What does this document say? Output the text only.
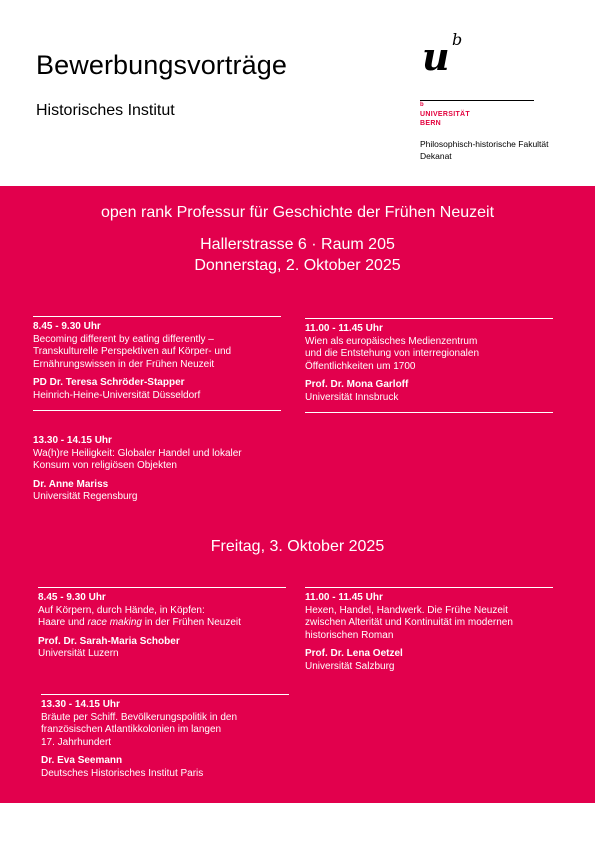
Bewerbungsvorträge
Historisches Institut
u b
b
UNIVERSITÄT
BERN
Philosophisch-historische Fakultät
Dekanat
open rank Professur für Geschichte der Frühen Neuzeit
Hallerstrasse 6 · Raum 205
Donnerstag, 2. Oktober 2025
8.45 - 9.30 Uhr
Becoming different by eating differently –
Transkulturelle Perspektiven auf Körper- und
Ernährungswissen in der Frühen Neuzeit
PD Dr. Teresa Schröder-Stapper
Heinrich-Heine-Universität Düsseldorf
11.00 - 11.45 Uhr
Wien als europäisches Medienzentrum
und die Entstehung von interregionalen
Öffentlichkeiten um 1700
Prof. Dr. Mona Garloff
Universität Innsbruck
13.30 - 14.15 Uhr
Wa(h)re Heiligkeit: Globaler Handel und lokaler
Konsum von religiösen Objekten
Dr. Anne Mariss
Universität Regensburg
Freitag, 3. Oktober 2025
8.45 - 9.30 Uhr
Auf Körpern, durch Hände, in Köpfen:
Haare und race making in der Frühen Neuzeit
Prof. Dr. Sarah-Maria Schober
Universität Luzern
11.00 - 11.45 Uhr
Hexen, Handel, Handwerk. Die Frühe Neuzeit
zwischen Alterität und Kontinuität im modernen
historischen Roman
Prof. Dr. Lena Oetzel
Universität Salzburg
13.30 - 14.15 Uhr
Bräute per Schiff. Bevölkerungspolitik in den
französischen Atlantikkolonien im langen
17. Jahrhundert
Dr. Eva Seemann
Deutsches Historisches Institut Paris
